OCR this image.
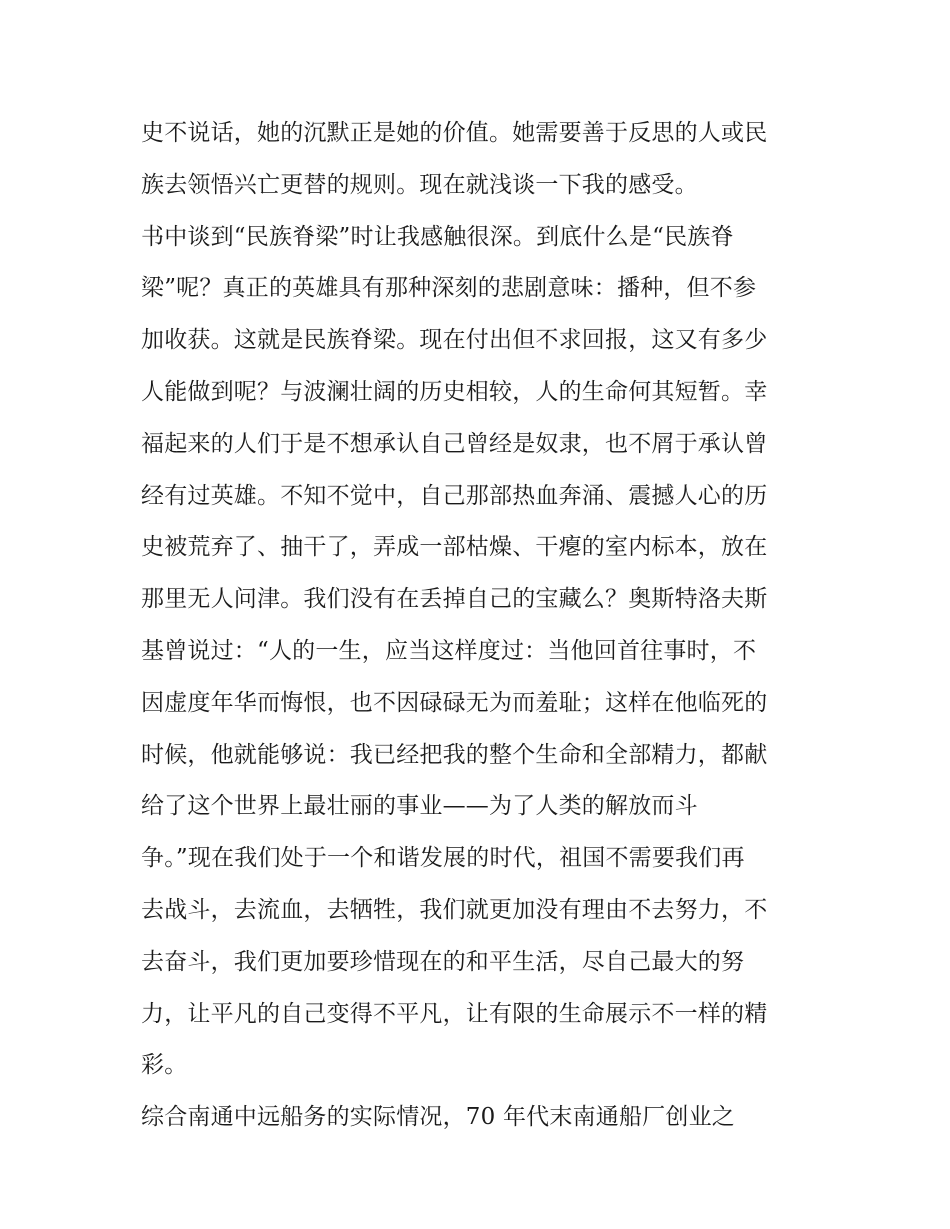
史不说话，她的沉默正是她的价值。她需要善于反思的人或民
族去领悟兴亡更替的规则。现在就浅谈一下我的感受。
书中谈到“民族脊梁”时让我感触很深。到底什么是“民族脊
梁”呢？真正的英雄具有那种深刻的悲剧意味：播种，但不参
加收获。这就是民族脊梁。现在付出但不求回报，这又有多少
人能做到呢？与波澜壮阔的历史相较，人的生命何其短暂。幸
福起来的人们于是不想承认自己曾经是奴隶，也不屑于承认曾
经有过英雄。不知不觉中，自己那部热血奔涌、震撼人心的历
史被荒弃了、抽干了，弄成一部枯燥、干瘪的室内标本，放在
那里无人问津。我们没有在丢掉自己的宝藏么？奥斯特洛夫斯
基曾说过：“人的一生，应当这样度过：当他回首往事时，不
因虚度年华而悔恨，也不因碌碌无为而羞耻；这样在他临死的
时候，他就能够说：我已经把我的整个生命和全部精力，都献
给了这个世界上最壮丽的事业——为了人类的解放而斗
争。”现在我们处于一个和谐发展的时代，祖国不需要我们再
去战斗，去流血，去牺牲，我们就更加没有理由不去努力，不
去奋斗，我们更加要珍惜现在的和平生活，尽自己最大的努
力，让平凡的自己变得不平凡，让有限的生命展示不一样的精
彩。
综合南通中远船务的实际情况，70 年代末南通船厂创业之
